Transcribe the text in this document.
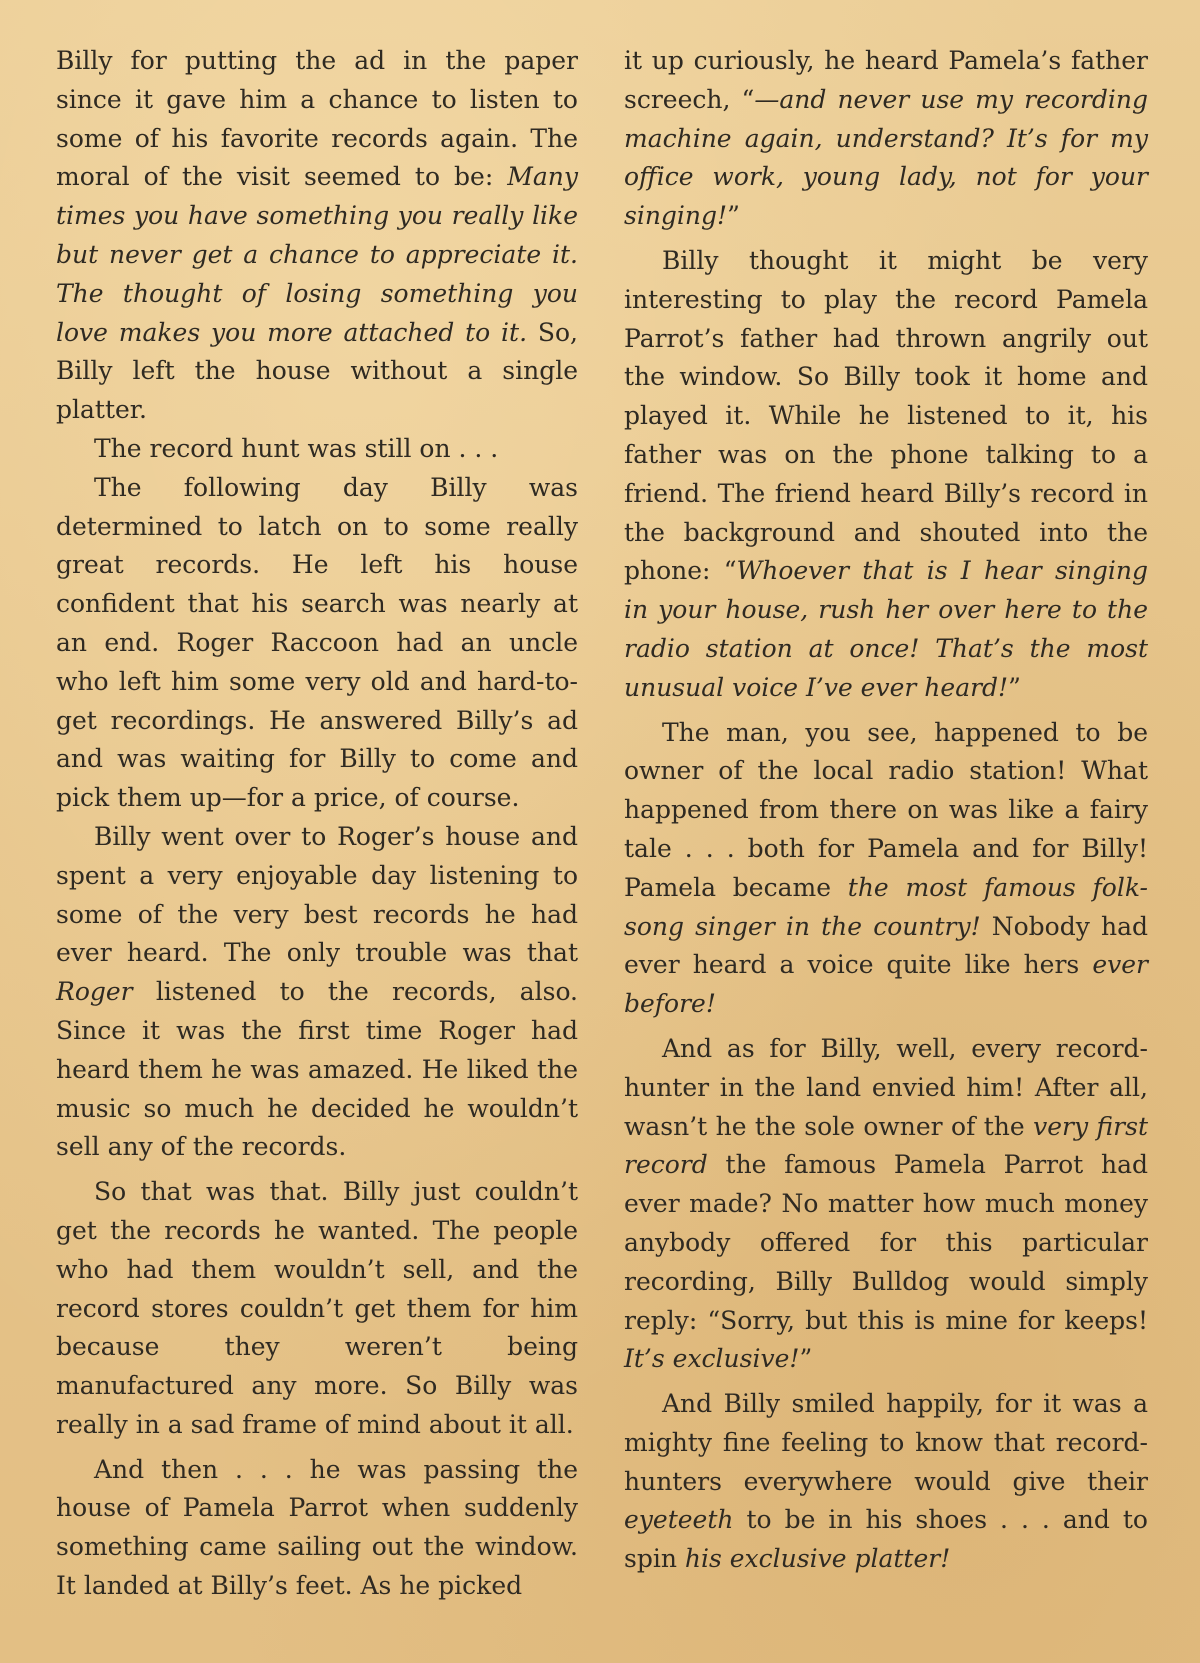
Billy for putting the ad in the paper since it gave him a chance to listen to some of his favorite records again. The moral of the visit seemed to be: Many times you have something you really like but never get a chance to appreciate it. The thought of losing something you love makes you more attached to it. So, Billy left the house without a single platter.

The record hunt was still on . . .

The following day Billy was determined to latch on to some really great records. He left his house confident that his search was nearly at an end. Roger Raccoon had an uncle who left him some very old and hard-to-get recordings. He answered Billy’s ad and was waiting for Billy to come and pick them up—for a price, of course.

Billy went over to Roger’s house and spent a very enjoyable day listening to some of the very best records he had ever heard. The only trouble was that Roger listened to the records, also. Since it was the first time Roger had heard them he was amazed. He liked the music so much he decided he wouldn’t sell any of the records.

So that was that. Billy just couldn’t get the records he wanted. The people who had them wouldn’t sell, and the record stores couldn’t get them for him because they weren’t being manufactured any more. So Billy was really in a sad frame of mind about it all.

And then . . . he was passing the house of Pamela Parrot when suddenly something came sailing out the window. It landed at Billy’s feet. As he picked

it up curiously, he heard Pamela’s father screech, “—and never use my recording machine again, understand? It’s for my office work, young lady, not for your singing!”

Billy thought it might be very interesting to play the record Pamela Parrot’s father had thrown angrily out the window. So Billy took it home and played it. While he listened to it, his father was on the phone talking to a friend. The friend heard Billy’s record in the background and shouted into the phone: “Whoever that is I hear singing in your house, rush her over here to the radio station at once! That’s the most unusual voice I’ve ever heard!”

The man, you see, happened to be owner of the local radio station! What happened from there on was like a fairy tale . . . both for Pamela and for Billy! Pamela became the most famous folk-song singer in the country! Nobody had ever heard a voice quite like hers ever before!

And as for Billy, well, every record-hunter in the land envied him! After all, wasn’t he the sole owner of the very first record the famous Pamela Parrot had ever made? No matter how much money anybody offered for this particular recording, Billy Bulldog would simply reply: “Sorry, but this is mine for keeps! It’s exclusive!”

And Billy smiled happily, for it was a mighty fine feeling to know that record-hunters everywhere would give their eyeteeth to be in his shoes . . . and to spin his exclusive platter!
